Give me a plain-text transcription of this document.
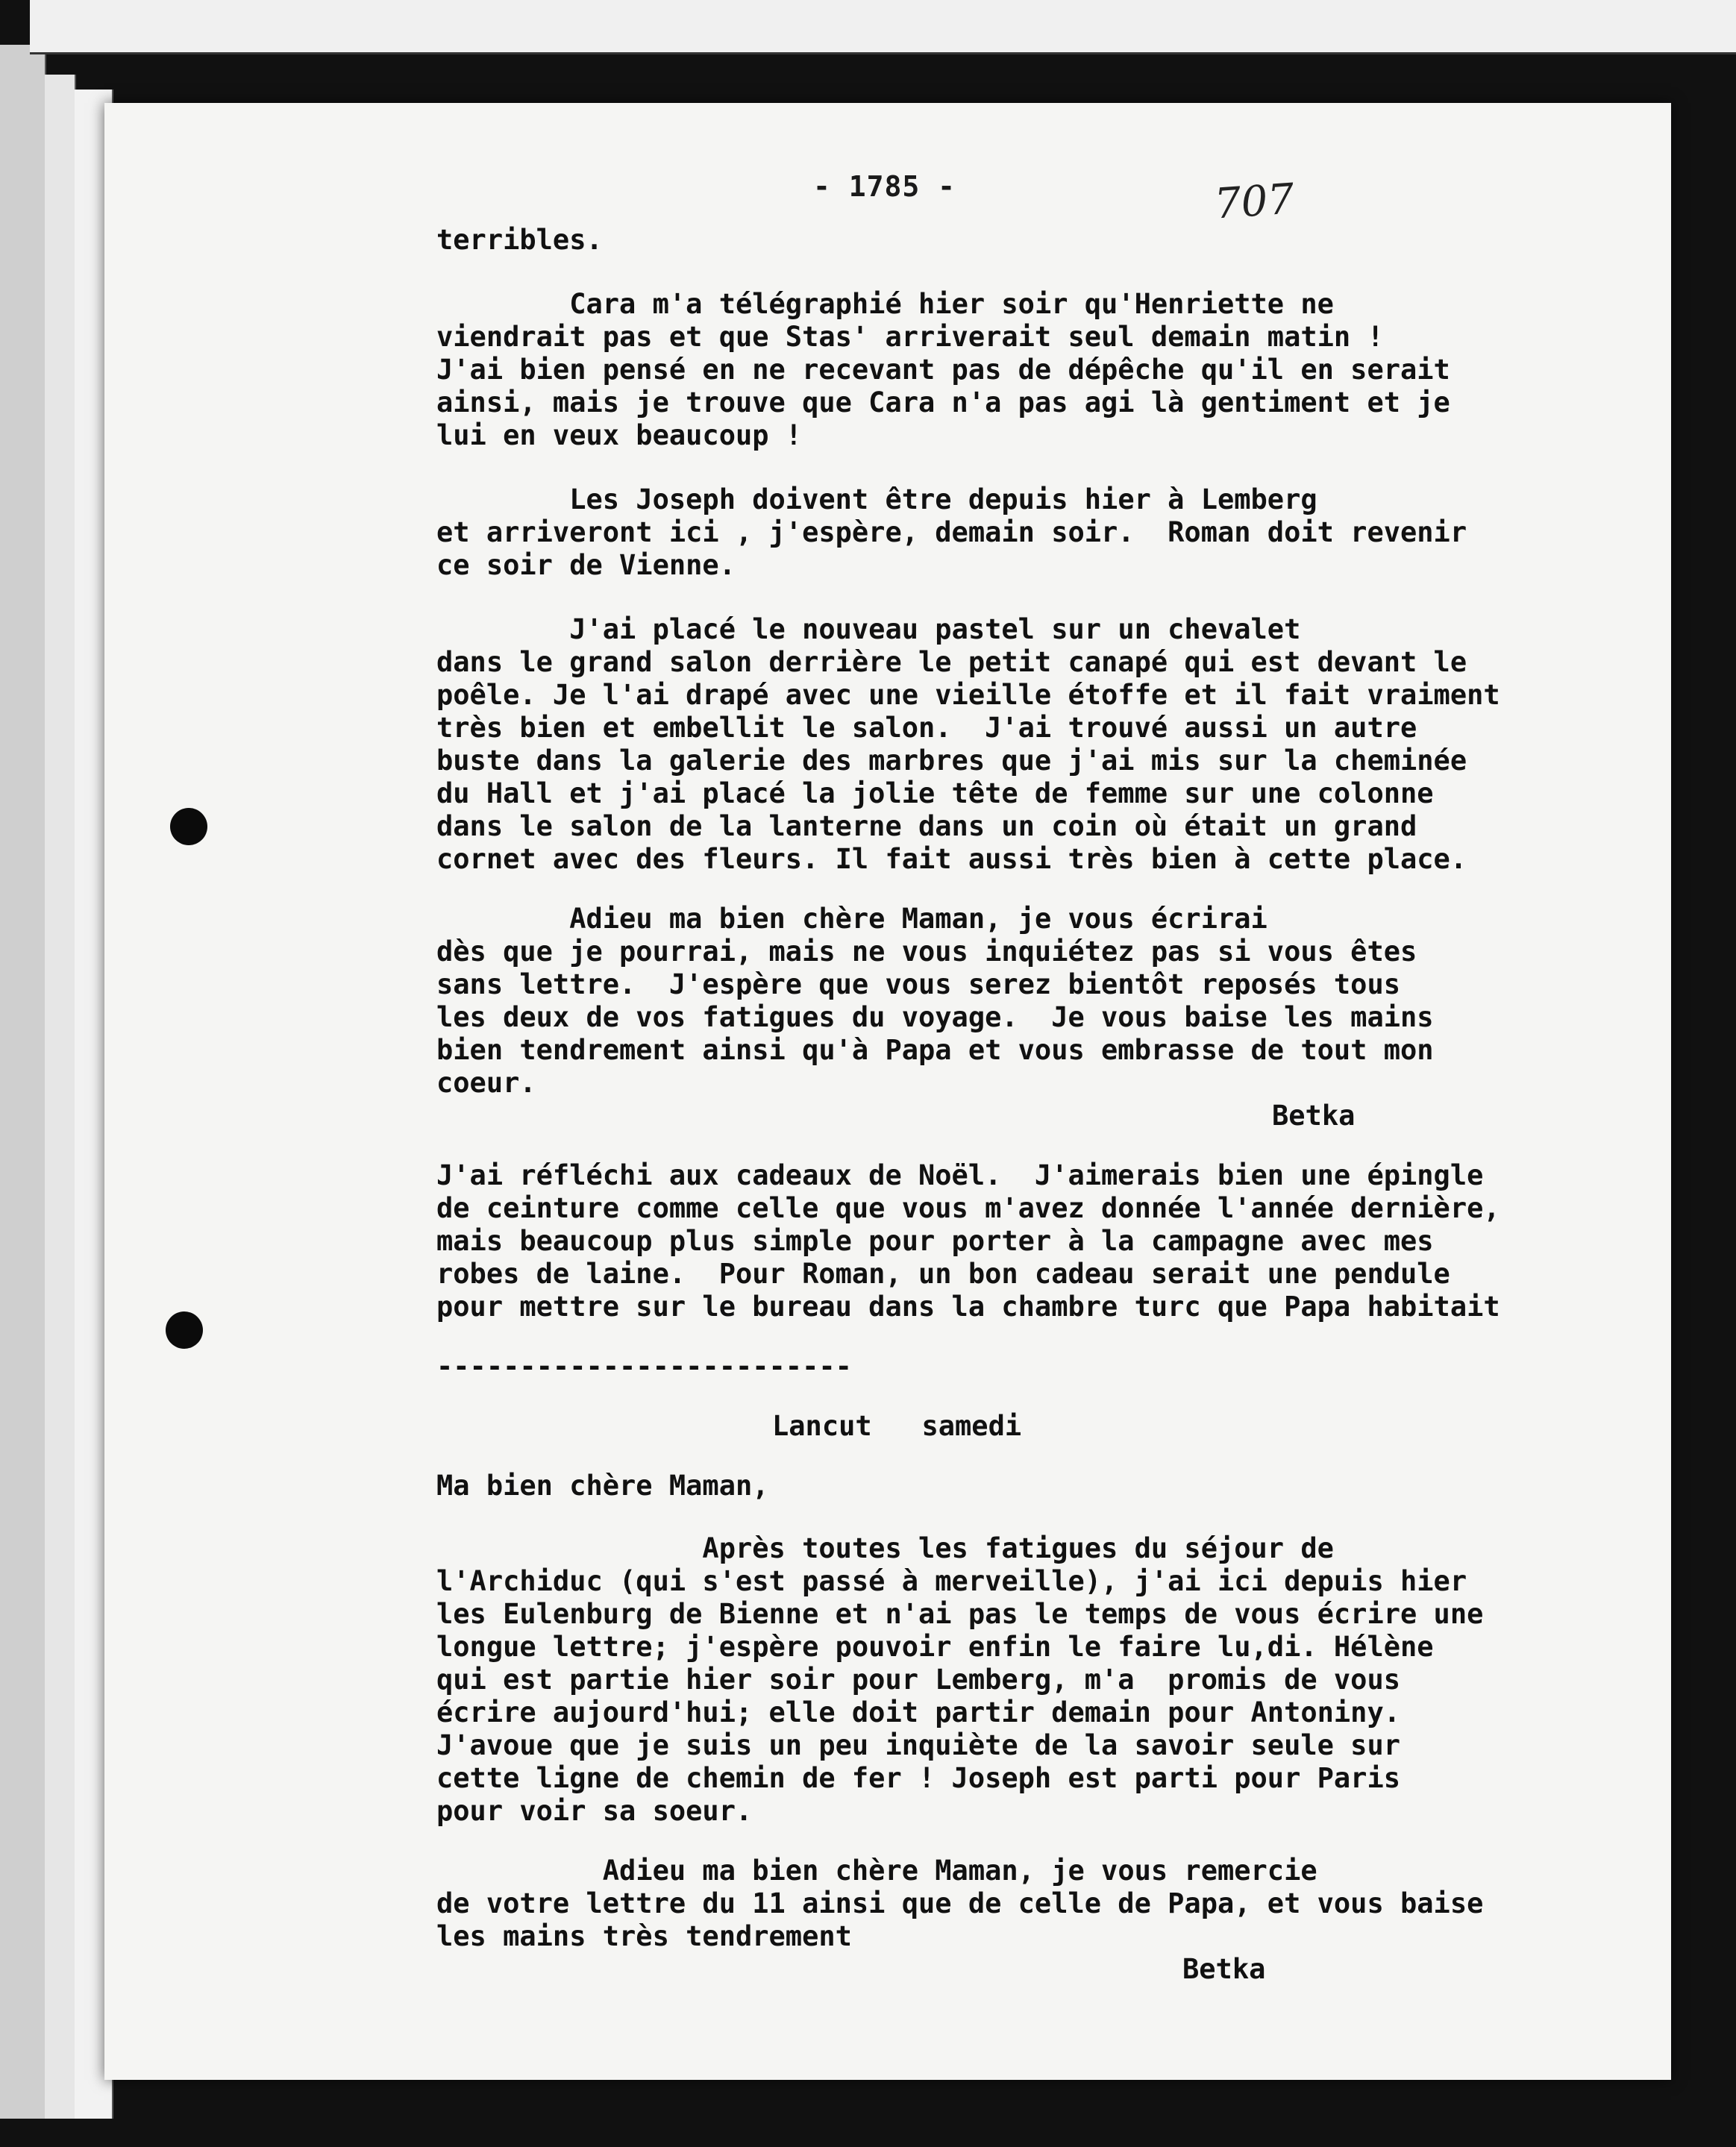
- 1785 -	707

terribles.

Cara m'a télégraphié hier soir qu'Henriette ne
viendrait pas et que Stas' arriverait seul demain matin !
J'ai bien pensé en ne recevant pas de dépêche qu'il en serait
ainsi, mais je trouve que Cara n'a pas agi là gentiment et je
lui en veux beaucoup !

Les Joseph doivent être depuis hier à Lemberg
et arriveront ici , j'espère, demain soir.  Roman doit revenir
ce soir de Vienne.

J'ai placé le nouveau pastel sur un chevalet
dans le grand salon derrière le petit canapé qui est devant le
poêle. Je l'ai drapé avec une vieille étoffe et il fait vraiment
très bien et embellit le salon.  J'ai trouvé aussi un autre
buste dans la galerie des marbres que j'ai mis sur la cheminée
du Hall et j'ai placé la jolie tête de femme sur une colonne
dans le salon de la lanterne dans un coin où était un grand
cornet avec des fleurs. Il fait aussi très bien à cette place.

Adieu ma bien chère Maman, je vous écrirai
dès que je pourrai, mais ne vous inquiétez pas si vous êtes
sans lettre.  J'espère que vous serez bientôt reposés tous
les deux de vos fatigues du voyage.  Je vous baise les mains
bien tendrement ainsi qu'à Papa et vous embrasse de tout mon
coeur.

Betka

J'ai réfléchi aux cadeaux de Noël.  J'aimerais bien une épingle
de ceinture comme celle que vous m'avez donnée l'année dernière,
mais beaucoup plus simple pour porter à la campagne avec mes
robes de laine.  Pour Roman, un bon cadeau serait une pendule
pour mettre sur le bureau dans la chambre turc que Papa habitait

-------------------------

Lancut   samedi

Ma bien chère Maman,

Après toutes les fatigues du séjour de
l'Archiduc (qui s'est passé à merveille), j'ai ici depuis hier
les Eulenburg de Bienne et n'ai pas le temps de vous écrire une
longue lettre; j'espère pouvoir enfin le faire lu,di. Hélène
qui est partie hier soir pour Lemberg, m'a  promis de vous
écrire aujourd'hui; elle doit partir demain pour Antoniny.
J'avoue que je suis un peu inquiète de la savoir seule sur
cette ligne de chemin de fer ! Joseph est parti pour Paris
pour voir sa soeur.

Adieu ma bien chère Maman, je vous remercie
de votre lettre du 11 ainsi que de celle de Papa, et vous baise
les mains très tendrement

Betka
